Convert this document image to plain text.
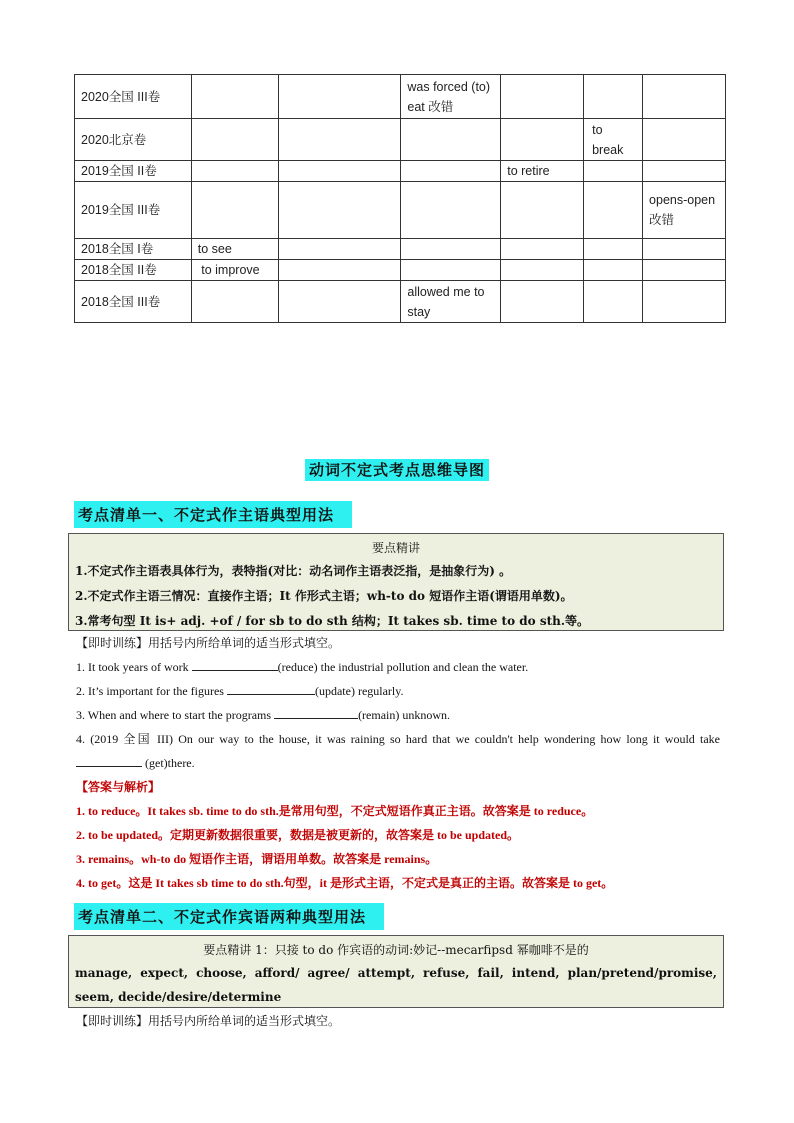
2020全国 III卷			was forced (to) eat 改错			
2020北京卷					to break	
2019全国 II卷				to retire		
2019全国 III卷						opens-open 改错
2018全国 I卷	to see					
2018全国 II卷	to improve					
2018全国 III卷			allowed me to stay			
动词不定式考点思维导图
考点清单一、不定式作主语典型用法
要点精讲
1.不定式作主语表具体行为，表特指(对比：动名词作主语表泛指，是抽象行为) 。
2.不定式作主语三情况：直接作主语；It 作形式主语；wh-to do 短语作主语(谓语用单数)。
3.常考句型 It is+ adj. +of / for sb to do sth 结构；It takes sb. time to do sth.等。
【即时训练】用括号内所给单词的适当形式填空。
1. It took years of work	(reduce) the industrial pollution and clean the water.
2. It’s important for the figures	(update) regularly.
3. When and where to start the programs	(remain) unknown.
4. (2019 全国 III) On our way to the house, it was raining so hard that we couldn't help wondering how long it would take  (get)there.
【答案与解析】
1. to reduce。It takes sb. time to do sth.是常用句型，不定式短语作真正主语。故答案是 to reduce。
2. to be updated。定期更新数据很重要，数据是被更新的，故答案是 to be updated。
3. remains。wh-to do 短语作主语，谓语用单数。故答案是 remains。
4. to get。这是 It takes sb time to do sth.句型，it 是形式主语，不定式是真正的主语。故答案是 to get。
考点清单二、不定式作宾语两种典型用法
要点精讲 1：只接 to do 作宾语的动词:妙记--mecarfipsd 幂咖啡不是的
manage, expect, choose, afford/ agree/ attempt, refuse, fail, intend, plan/pretend/promise, seem, decide/desire/determine
【即时训练】用括号内所给单词的适当形式填空。
